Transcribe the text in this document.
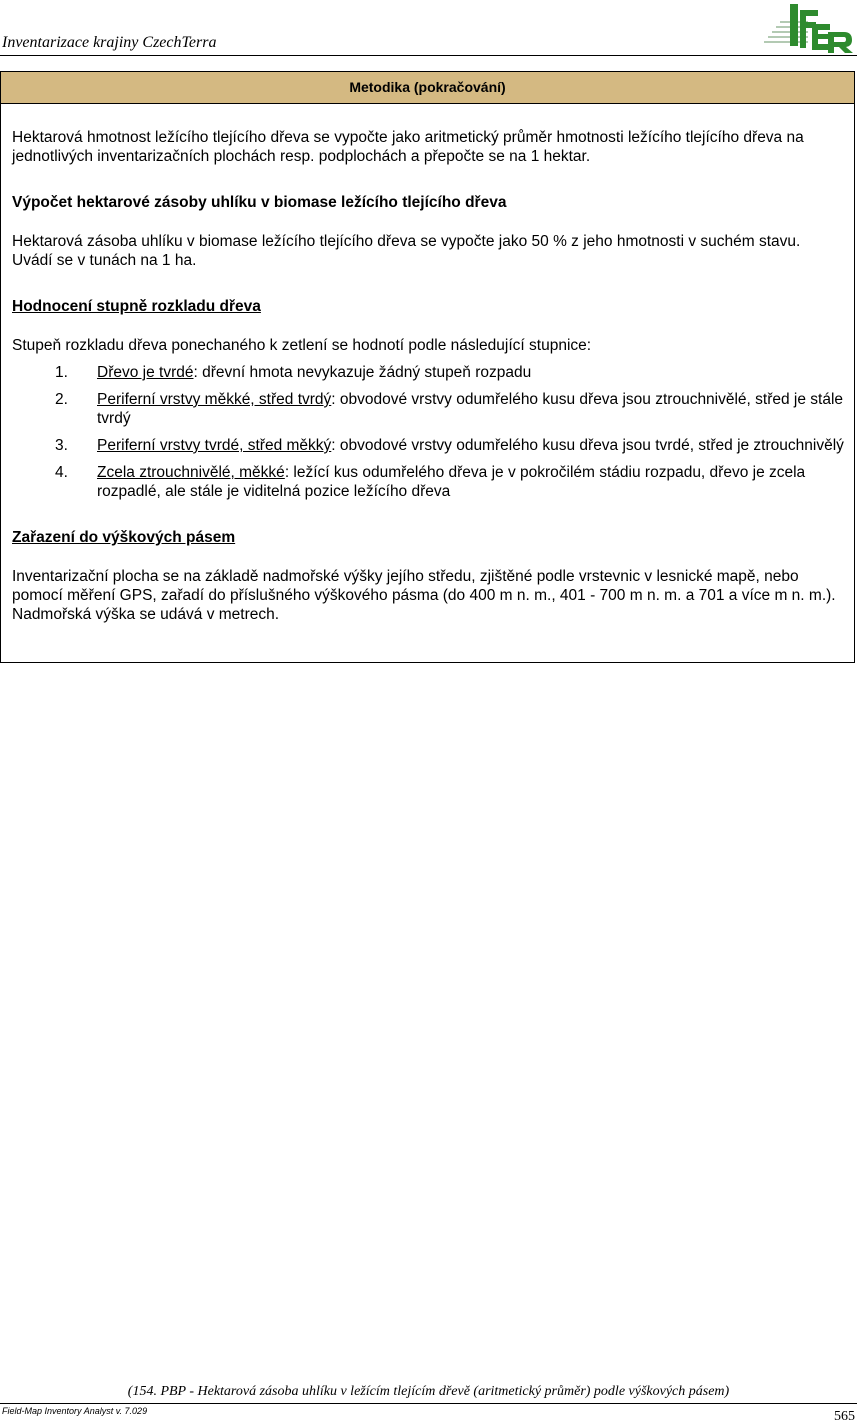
Inventarizace krajiny CzechTerra
Metodika (pokračování)

Hektarová hmotnost ležícího tlejícího dřeva se vypočte jako aritmetický průměr hmotnosti ležícího tlejícího dřeva na jednotlivých inventarizačních plochách resp. podplochách a přepočte se na 1 hektar.

Výpočet hektarové zásoby uhlíku v biomase ležícího tlejícího dřeva

Hektarová zásoba uhlíku v biomase ležícího tlejícího dřeva se vypočte jako 50 % z jeho hmotnosti v suchém stavu. Uvádí se v tunách na 1 ha.

Hodnocení stupně rozkladu dřeva

Stupeň rozkladu dřeva ponechaného k zetlení se hodnotí podle následující stupnice:

1. Dřevo je tvrdé: dřevní hmota nevykazuje žádný stupeň rozpadu
2. Periferní vrstvy měkké, střed tvrdý: obvodové vrstvy odumřelého kusu dřeva jsou ztrouchnivělé, střed je stále tvrdý
3. Periferní vrstvy tvrdé, střed měkký: obvodové vrstvy odumřelého kusu dřeva jsou tvrdé, střed je ztrouchnivělý
4. Zcela ztrouchnivělé, měkké: ležící kus odumřelého dřeva je v pokročilém stádiu rozpadu, dřevo je zcela rozpadlé, ale stále je viditelná pozice ležícího dřeva

Zařazení do výškových pásem

Inventarizační plocha se na základě nadmořské výšky jejího středu, zjištěné podle vrstevnic v lesnické mapě, nebo pomocí měření GPS, zařadí do příslušného výškového pásma (do 400 m n. m., 401 - 700 m n. m. a 701 a více m n. m.). Nadmořská výška se udává v metrech.

(154. PBP - Hektarová zásoba uhlíku v ležícím tlejícím dřevě (aritmetický průměr) podle výškových pásem)
Field-Map Inventory Analyst v. 7.029	565
